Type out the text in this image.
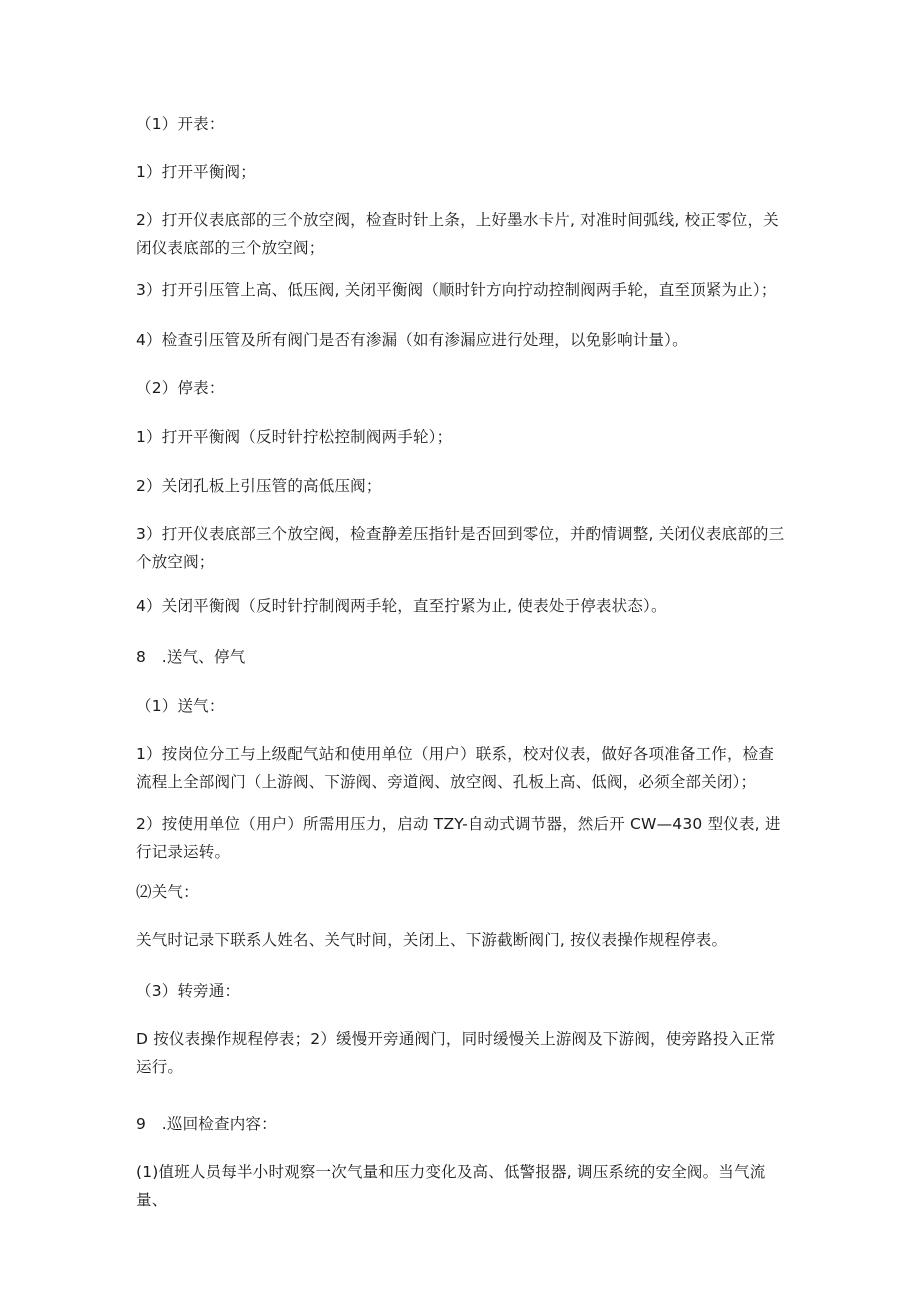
（1）开表：

1）打开平衡阀；

2）打开仪表底部的三个放空阀，检查时针上条，上好墨水卡片, 对准时间弧线, 校正零位，关闭仪表底部的三个放空阀；

3）打开引压管上高、低压阀, 关闭平衡阀（顺时针方向拧动控制阀两手轮，直至顶紧为止）；

4）检查引压管及所有阀门是否有渗漏（如有渗漏应进行处理，以免影响计量）。

（2）停表：

1）打开平衡阀（反时针拧松控制阀两手轮）；

2）关闭孔板上引压管的高低压阀；

3）打开仪表底部三个放空阀，检查静差压指针是否回到零位，并酌情调整, 关闭仪表底部的三个放空阀；

4）关闭平衡阀（反时针拧制阀两手轮，直至拧紧为止, 使表处于停表状态）。

8　.送气、停气

（1）送气：

1）按岗位分工与上级配气站和使用单位（用户）联系，校对仪表，做好各项准备工作，检查流程上全部阀门（上游阀、下游阀、旁道阀、放空阀、孔板上高、低阀，必须全部关闭）；

2）按使用单位（用户）所需用压力，启动 TZY-自动式调节器，然后开 CW—430 型仪表, 进行记录运转。

⑵关气：

关气时记录下联系人姓名、关气时间，关闭上、下游截断阀门, 按仪表操作规程停表。

（3）转旁通：

D 按仪表操作规程停表；2）缓慢开旁通阀门，同时缓慢关上游阀及下游阀，使旁路投入正常运行。

9　.巡回检查内容：

(1)值班人员每半小时观察一次气量和压力变化及高、低警报器, 调压系统的安全阀。当气流量、
